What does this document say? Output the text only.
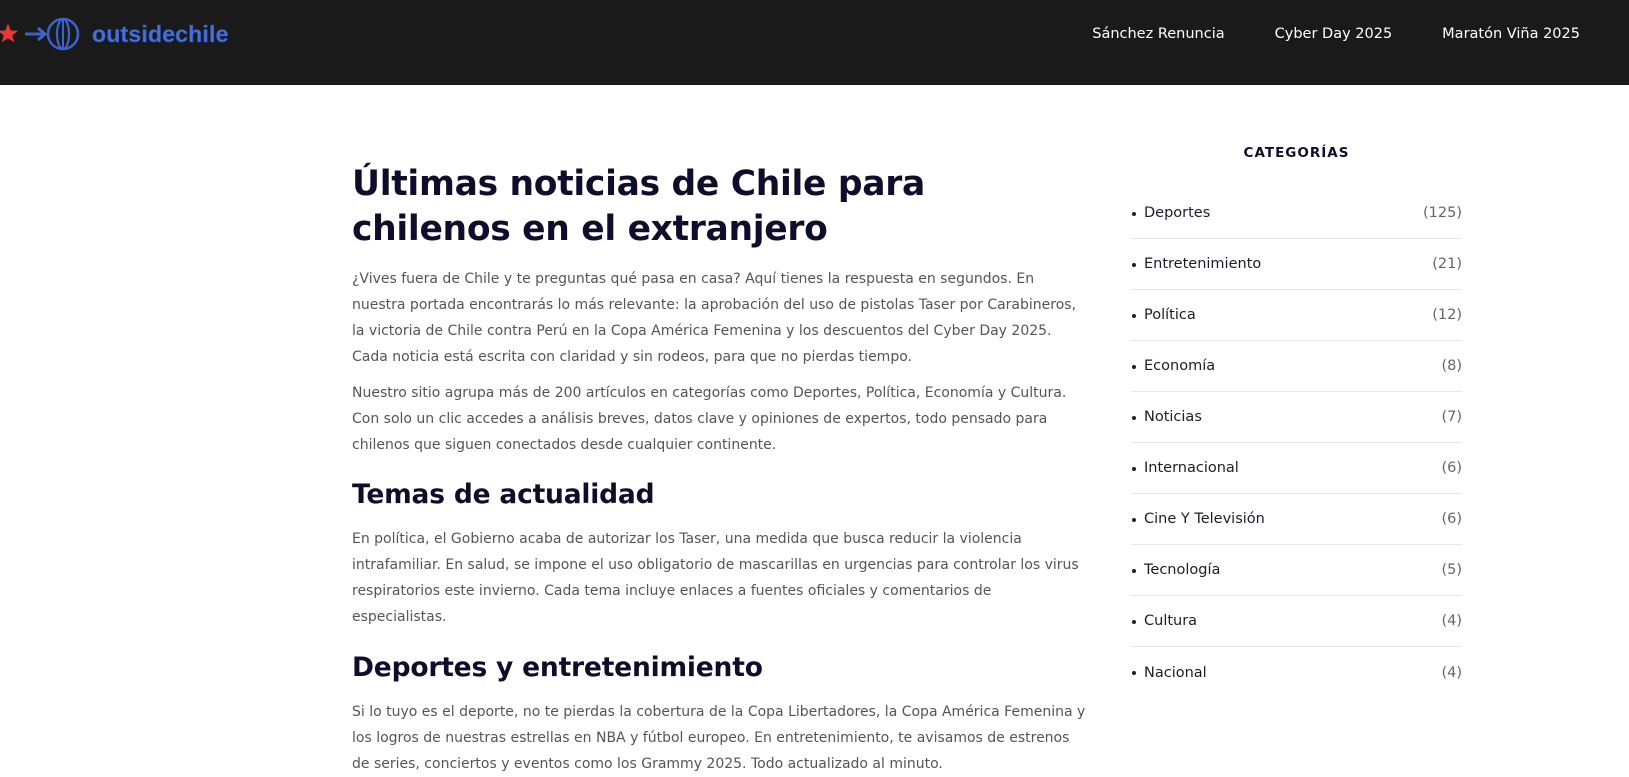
outsidechile	Sánchez Renuncia	Cyber Day 2025	Maratón Viña 2025
Últimas noticias de Chile para chilenos en el extranjero

¿Vives fuera de Chile y te preguntas qué pasa en casa? Aquí tienes la respuesta en segundos. En nuestra portada encontrarás lo más relevante: la aprobación del uso de pistolas Taser por Carabineros, la victoria de Chile contra Perú en la Copa América Femenina y los descuentos del Cyber Day 2025. Cada noticia está escrita con claridad y sin rodeos, para que no pierdas tiempo.

Nuestro sitio agrupa más de 200 artículos en categorías como Deportes, Política, Economía y Cultura. Con solo un clic accedes a análisis breves, datos clave y opiniones de expertos, todo pensado para chilenos que siguen conectados desde cualquier continente.

Temas de actualidad

En política, el Gobierno acaba de autorizar los Taser, una medida que busca reducir la violencia intrafamiliar. En salud, se impone el uso obligatorio de mascarillas en urgencias para controlar los virus respiratorios este invierno. Cada tema incluye enlaces a fuentes oficiales y comentarios de especialistas.

Deportes y entretenimiento

Si lo tuyo es el deporte, no te pierdas la cobertura de la Copa Libertadores, la Copa América Femenina y los logros de nuestras estrellas en NBA y fútbol europeo. En entretenimiento, te avisamos de estrenos de series, conciertos y eventos como los Grammy 2025. Todo actualizado al minuto.

CATEGORÍAS
Deportes	(125)
Entretenimiento	(21)
Política	(12)
Economía	(8)
Noticias	(7)
Internacional	(6)
Cine Y Televisión	(6)
Tecnología	(5)
Cultura	(4)
Nacional	(4)
